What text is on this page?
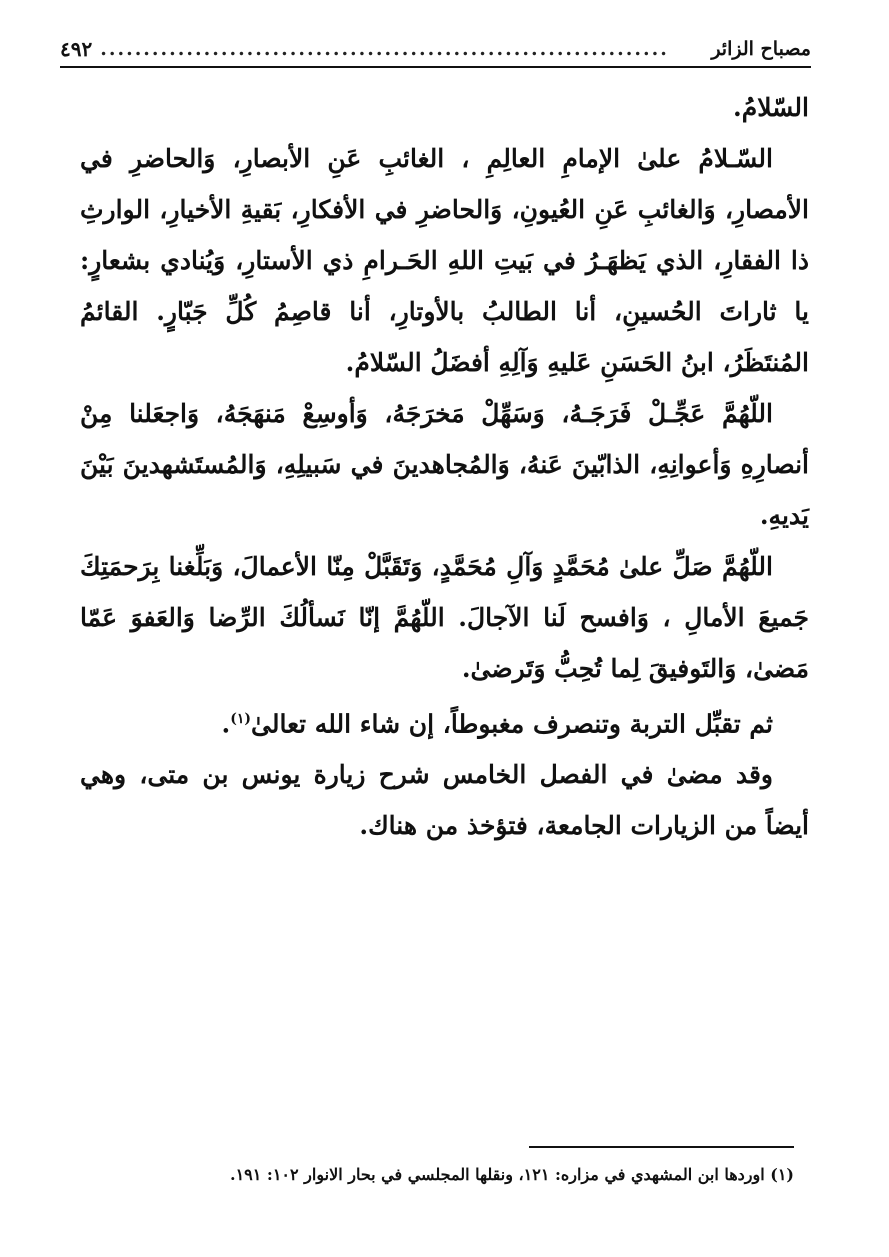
مصباح الزائر
..................................................................
٤٩٢

السّلامُ.

السّـلامُ علىٰ الإمامِ العالِمِ ، الغائبِ عَنِ الأبصارِ، وَالحاضرِ في الأمصارِ، وَالغائبِ عَنِ العُيونِ، وَالحاضرِ في الأفكارِ، بَقيةِ الأخيارِ، الوارثِ ذا الفقارِ، الذي يَظهَـرُ في بَيتِ اللهِ الحَـرامِ ذي الأستارِ، وَيُنادي بشعارٍ: يا ثاراتَ الحُسينِ، أنا الطالبُ بالأوتارِ، أنا قاصِمُ كُلِّ جَبّارٍ. القائمُ المُنتَظَرُ، ابنُ الحَسَنِ عَليهِ وَآلِهِ أفضَلُ السّلامُ.

اللّهُمَّ عَجِّـلْ فَرَجَـهُ، وَسَهِّلْ مَخرَجَهُ، وَأوسِعْ مَنهَجَهُ، وَاجعَلنا مِنْ أنصارِهِ وَأعوانِهِ، الذابّينَ عَنهُ، وَالمُجاهدينَ في سَبيلِهِ، وَالمُستَشهدينَ بَيْنَ يَديهِ.

اللّهُمَّ صَلِّ علىٰ مُحَمَّدٍ وَآلِ مُحَمَّدٍ، وَتَقَبَّلْ مِنّا الأعمالَ، وَبَلِّغنا بِرَحمَتِكَ جَميعَ الأمالِ ، وَافسح لَنا الآجالَ. اللّهُمَّ إنّا نَسألُكَ الرِّضا وَالعَفوَ عَمّا مَضىٰ، وَالتَوفيقَ لِما تُحِبُّ وَتَرضىٰ.

ثم تقبِّل التربة وتنصرف مغبوطاً، إن شاء الله تعالىٰ$^{(١)}$.

وقد مضىٰ في الفصل الخامس شرح زيارة يونس بن متى، وهي أيضاً من الزيارات الجامعة، فتؤخذ من هناك.

(١) اوردها ابن المشهدي في مزاره: ١٢١، ونقلها المجلسي في بحار الانوار ١٠٢: ١٩١.
